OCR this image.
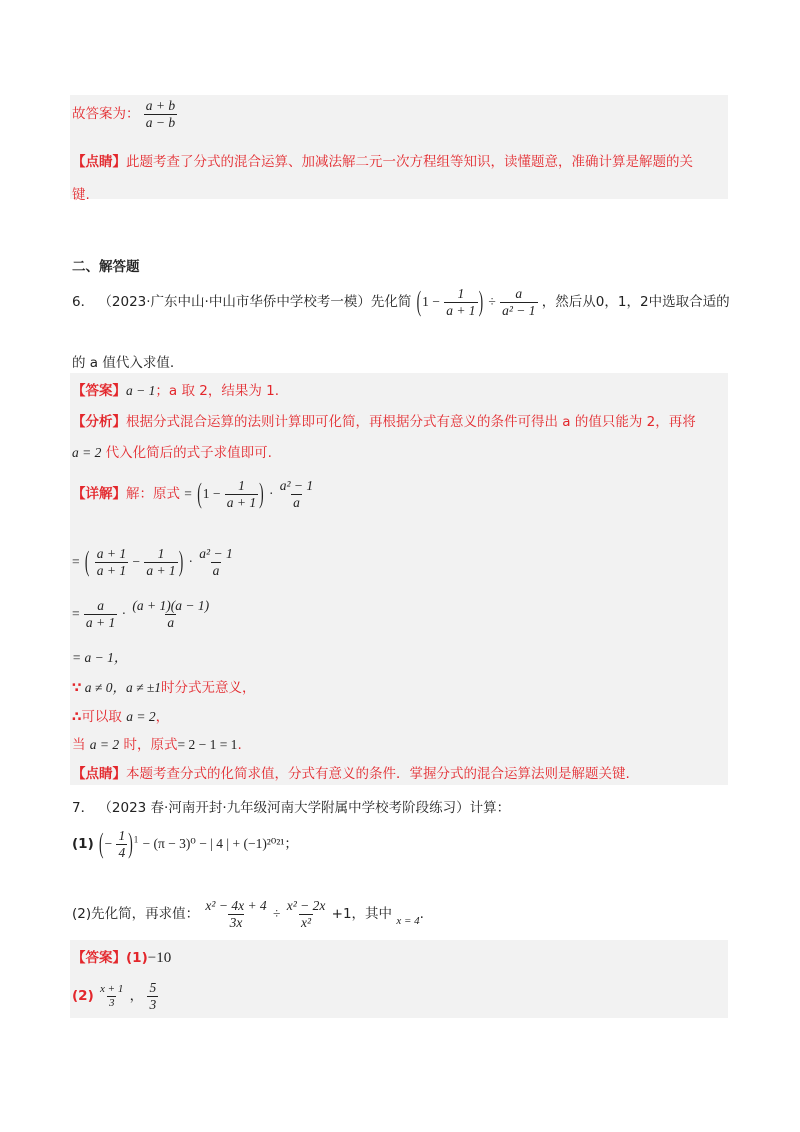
故答案为： $\frac{a + b}{a - b}$
【点睛】此题考查了分式的混合运算、加减法解二元一次方程组等知识，读懂题意，准确计算是解题的关
键.
二、解答题
6． （2023·广东中山·中山市华侨中学校考一模）先化简 ($1 - \frac{1}{a + 1}$ ) ÷ $\frac{a}{\text{a² − 1}}$ ，然后从0，1，2中选取合适的
的 a 值代入求值.
【答案】a − 1；a 取 2，结果为 1.
【分析】根据分式混合运算的法则计算即可化简，再根据分式有意义的条件可得出 a 的值只能为 2，再将
a = 2 代入化简后的式子求值即可.
【详解】解：原式 = ($1 - \frac{1}{a + 1}$ ) · $\frac{\text{a² − 1}}{a}$
= ( $\frac{a + 1}{a + 1} - \frac{1}{a + 1}$ ) · $\frac{\text{a² − 1}}{a}$
= $\frac{a}{a + 1} \cdot \frac{(a + 1)(a - 1)}{a}$
= a − 1，
∵ a ≠ 0，a ≠ ±1时分式无意义，
∴可以取 a = 2，
当 a = 2 时，原式= 2 − 1 = 1.
【点睛】本题考查分式的化简求值，分式有意义的条件．掌握分式的混合运算法则是解题关键.
7． （2023 春·河南开封·九年级河南大学附属中学校考阶段练习）计算：
(1) (− $\frac{1}{4} )^1 - (\pi - 3)^0$ − | 4 | + (−1)²⁰²¹；
(2)先化简，再求值： $\frac{\text{x² − 4x + 4}}{3x} \div \frac{\text{x² − 2x}}{\text{x²}} +1$，其中 $_{x = 4}$.
【答案】(1)−10
$(2) \frac{x + 1}{3}$ ， $\frac{5}{3}$
